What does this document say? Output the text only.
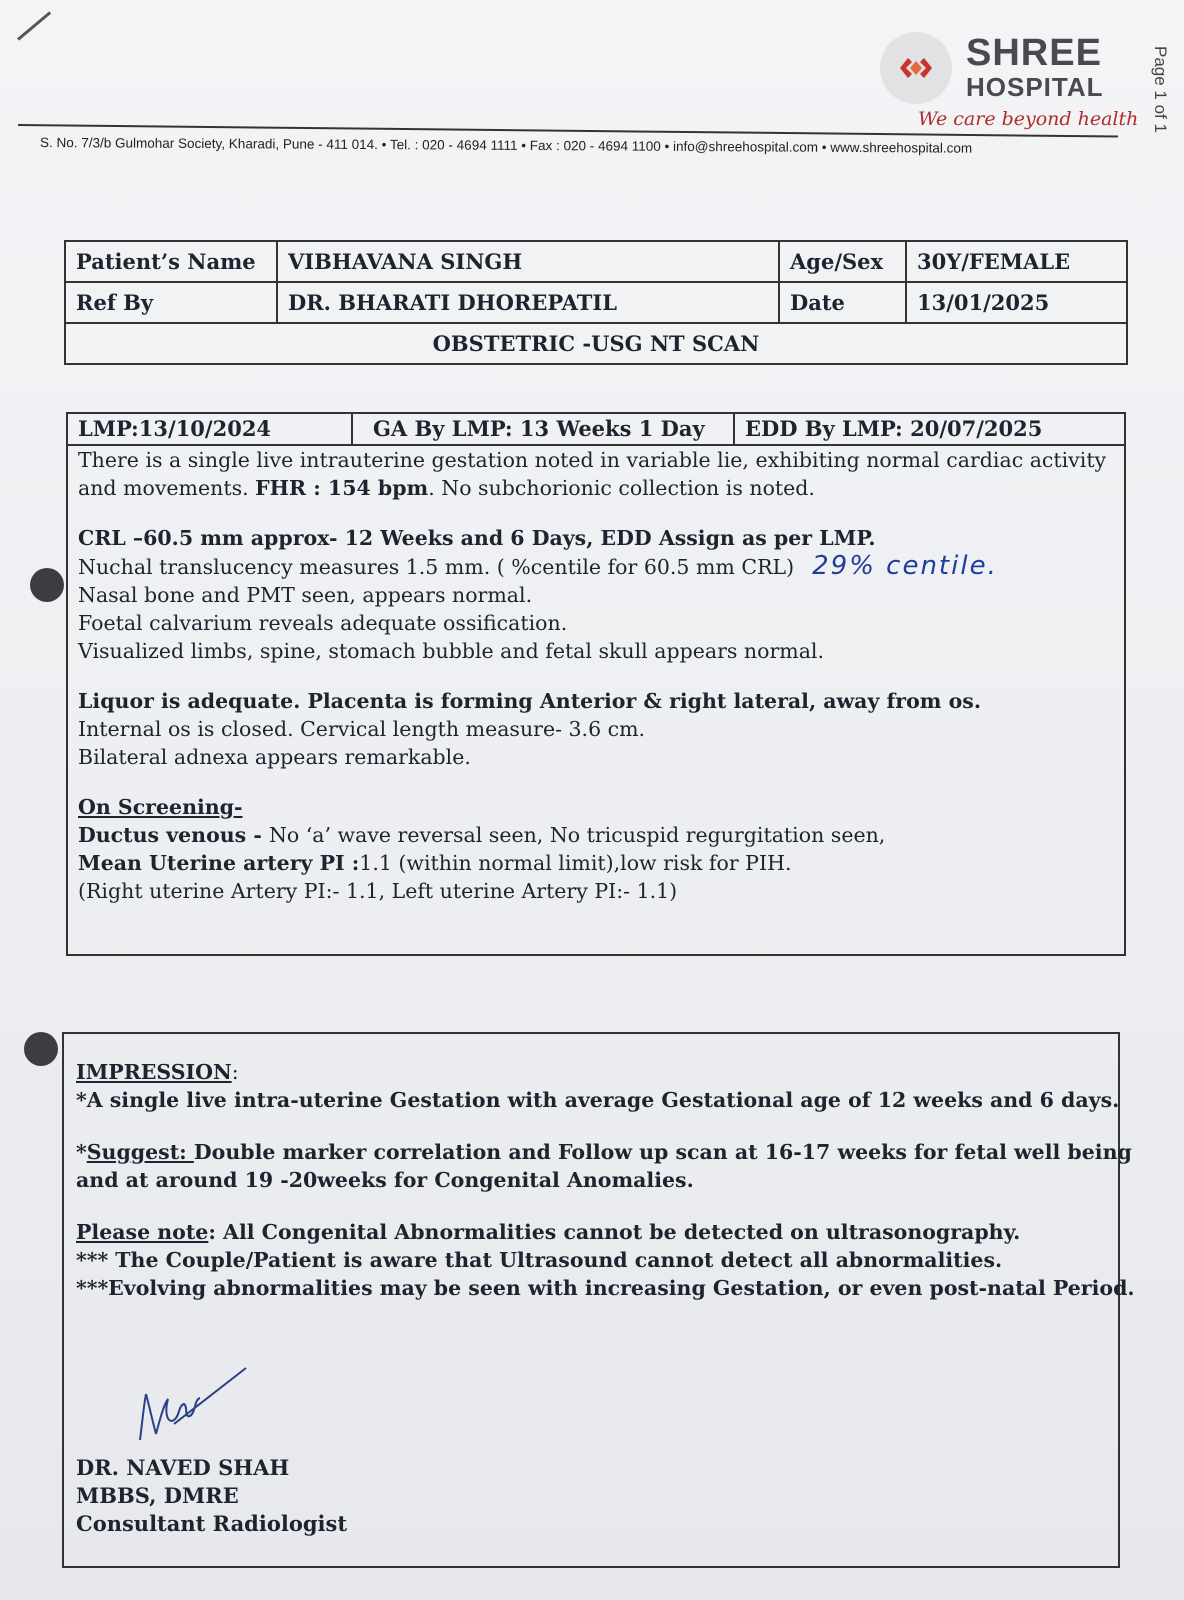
SHREE
HOSPITAL
We care beyond health Page 1 of 1
S. No. 7/3/b Gulmohar Society, Kharadi, Pune - 411 014. • Tel. : 020 - 4694 1111 • Fax : 020 - 4694 1100 • info@shreehospital.com • www.shreehospital.com
Patient’s Name	VIBHAVANA SINGH	Age/Sex	30Y/FEMALE
Ref By	DR. BHARATI DHOREPATIL	Date	13/01/2025
OBSTETRIC -USG NT SCAN			
LMP:13/10/2024	GA By LMP: 13 Weeks 1 Day	EDD By LMP: 20/07/2025

There is a single live intrauterine gestation noted in variable lie, exhibiting normal cardiac activity

and movements. FHR : 154 bpm. No subchorionic collection is noted.

CRL –60.5 mm approx- 12 Weeks and 6 Days, EDD Assign as per LMP.

Nuchal translucency measures 1.5 mm. ( %centile for 60.5 mm CRL) 29% centile.

Nasal bone and PMT seen, appears normal.

Foetal calvarium reveals adequate ossification.

Visualized limbs, spine, stomach bubble and fetal skull appears normal.

Liquor is adequate. Placenta is forming Anterior & right lateral, away from os.

Internal os is closed. Cervical length measure- 3.6 cm.

Bilateral adnexa appears remarkable.

On Screening-

Ductus venous - No ‘a’ wave reversal seen, No tricuspid regurgitation seen,

Mean Uterine artery PI :1.1 (within normal limit),low risk for PIH.

(Right uterine Artery PI:- 1.1, Left uterine Artery PI:- 1.1)

IMPRESSION:

*A single live intra-uterine Gestation with average Gestational age of 12 weeks and 6 days.

*Suggest: Double marker correlation and Follow up scan at 16-17 weeks for fetal well being

and at around 19 -20weeks for Congenital Anomalies.

Please note: All Congenital Abnormalities cannot be detected on ultrasonography.

*** The Couple/Patient is aware that Ultrasound cannot detect all abnormalities.

***Evolving abnormalities may be seen with increasing Gestation, or even post-natal Period.

DR. NAVED SHAH
MBBS, DMRE
Consultant Radiologist
